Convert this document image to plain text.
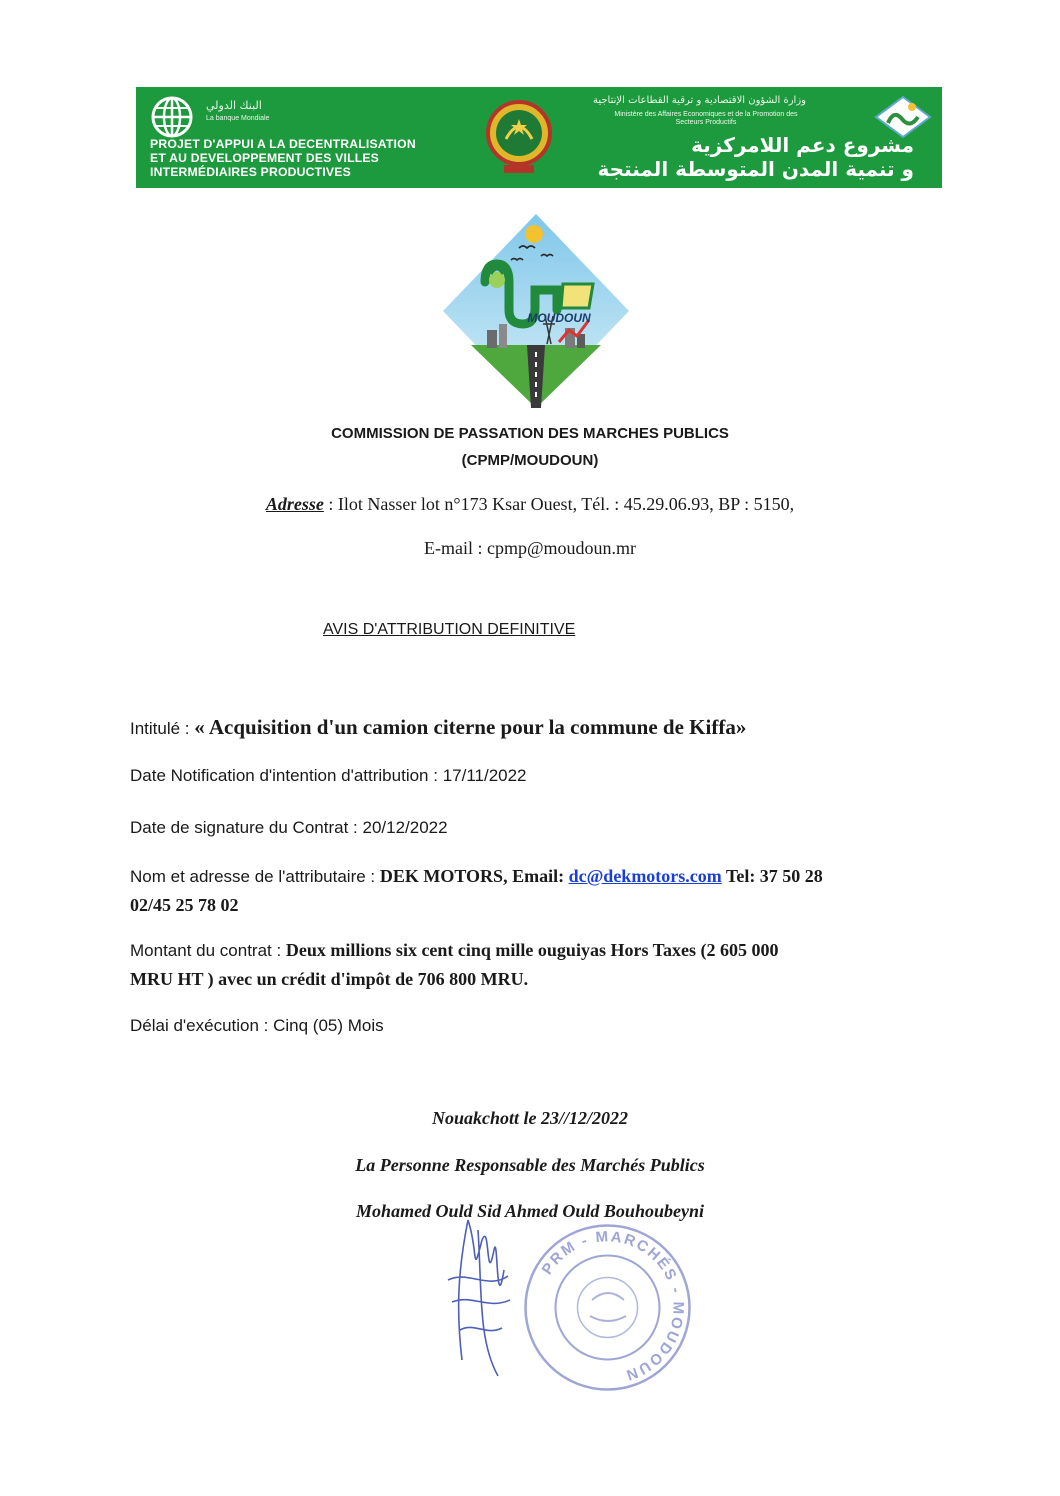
البنك الدولي
La banque Mondiale
PROJET D'APPUI A LA DECENTRALISATION
ET AU DEVELOPPEMENT DES VILLES
INTERMÉDIAIRES PRODUCTIVES
وزارة الشؤون الاقتصادية و ترقية القطاعات الإنتاجية
Ministère des Affaires Economiques et de la Promotion des Secteurs Productifs
مشروع دعم اللامركزية
و تنمية المدن المتوسطة المنتجة
MOUDOUN
COMMISSION DE PASSATION DES MARCHES PUBLICS
(CPMP/MOUDOUN)
Adresse : Ilot Nasser lot n°173 Ksar Ouest, Tél. : 45.29.06.93, BP : 5150,
E-mail : cpmp@moudoun.mr
AVIS D'ATTRIBUTION DEFINITIVE
Intitulé : « Acquisition d'un camion citerne pour la commune de Kiffa»
Date Notification d'intention d'attribution : 17/11/2022
Date de signature du Contrat : 20/12/2022
Nom et adresse de l'attributaire : DEK MOTORS, Email: dc@dekmotors.com Tel: 37 50 28
02/45 25 78 02
Montant du contrat : Deux millions six cent cinq mille ouguiyas Hors Taxes (2 605 000
MRU HT ) avec un crédit d'impôt de 706 800 MRU.
Délai d'exécution : Cinq (05) Mois
Nouakchott le 23//12/2022
La Personne Responsable des Marchés Publics
Mohamed Ould Sid Ahmed Ould Bouhoubeyni
PRM - MARCHÉS - MOUDOUN
